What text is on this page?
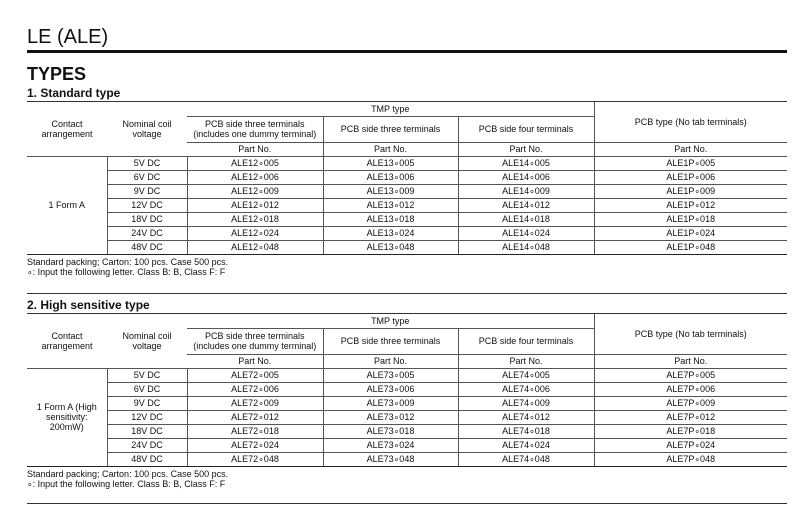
LE (ALE)
TYPES
1. Standard type
Contact arrangement	Nominal coil voltage	TMP type			PCB type (No tab terminals)
		PCB side three terminals (includes one dummy terminal)	PCB side three terminals	PCB side four terminals	
		Part No.	Part No.	Part No.	Part No.
1 Form A	5V DC	ALE12∘005	ALE13∘005	ALE14∘005	ALE1P∘005
	6V DC	ALE12∘006	ALE13∘006	ALE14∘006	ALE1P∘006
	9V DC	ALE12∘009	ALE13∘009	ALE14∘009	ALE1P∘009
	12V DC	ALE12∘012	ALE13∘012	ALE14∘012	ALE1P∘012
	18V DC	ALE12∘018	ALE13∘018	ALE14∘018	ALE1P∘018
	24V DC	ALE12∘024	ALE13∘024	ALE14∘024	ALE1P∘024
	48V DC	ALE12∘048	ALE13∘048	ALE14∘048	ALE1P∘048
Standard packing; Carton: 100 pcs. Case 500 pcs.
∘: Input the following letter. Class B: B, Class F: F
2. High sensitive type
Contact arrangement	Nominal coil voltage	TMP type			PCB type (No tab terminals)
		PCB side three terminals (includes one dummy terminal)	PCB side three terminals	PCB side four terminals	
		Part No.	Part No.	Part No.	Part No.
1 Form A (High sensitivity: 200mW)	5V DC	ALE72∘005	ALE73∘005	ALE74∘005	ALE7P∘005
	6V DC	ALE72∘006	ALE73∘006	ALE74∘006	ALE7P∘006
	9V DC	ALE72∘009	ALE73∘009	ALE74∘009	ALE7P∘009
	12V DC	ALE72∘012	ALE73∘012	ALE74∘012	ALE7P∘012
	18V DC	ALE72∘018	ALE73∘018	ALE74∘018	ALE7P∘018
	24V DC	ALE72∘024	ALE73∘024	ALE74∘024	ALE7P∘024
	48V DC	ALE72∘048	ALE73∘048	ALE74∘048	ALE7P∘048
Standard packing; Carton: 100 pcs. Case 500 pcs.
∘: Input the following letter. Class B: B, Class F: F
